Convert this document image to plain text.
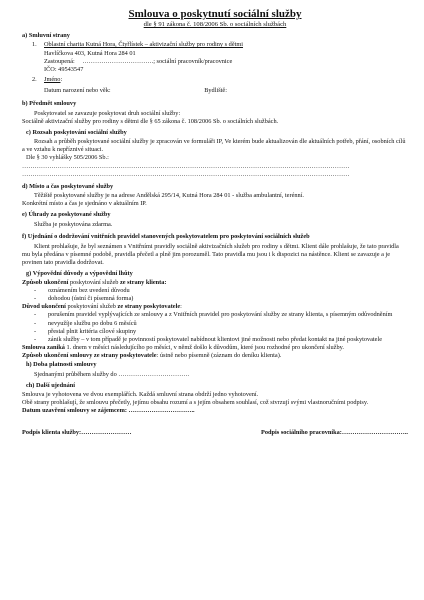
Smlouva o poskytnutí sociální služby

dle § 91 zákona č. 108/2006 Sb. o sociálních službách

a) Smluvní strany
1.	Oblastní charita Kutná Hora, Čtyřlístek – aktivizační služby pro rodiny s dětmi
Havlíčkova 403, Kutná Hora 284 01
Zastoupená: …………………………….; sociální pracovník/pracovnice
IČO: 49543547
2.	Jméno :
Datum narození nebo věk:	Bydliště:
b) Předmět smlouvy
Poskytovatel se zavazuje poskytovat druh sociální služby:
Sociálně aktivizační služby pro rodiny s dětmi dle § 65 zákona č. 108/2006 Sb. o sociálních službách.
c) Rozsah poskytování sociální služby
Rozsah a průběh poskytované sociální služby je zpracován ve formuláři IP, Ve kterém bude aktualizován dle aktuálních potřeb, přání, osobních cílů a ve vztahu k nepříznivé situaci.
Dle § 30 vyhlášky 505/2006 Sb.:
…………………………………………………………………………………………………………………………………………
…………………………………………………………………………………………………………………………………………
d) Místo a čas poskytované služby
Těžiště poskytované služby je na adrese Andělská 295/14, Kutná Hora 284 01 - služba ambulantní, terénní.
Konkrétní místo a čas je sjednáno v aktuálním IP.
e) Úhrady za poskytované služby
Služba je poskytována zdarma.
f) Ujednání o dodržování vnitřních pravidel stanovených poskytovatelem pro poskytování sociálních služeb
Klient prohlašuje, že byl seznámen s Vnitřními pravidly sociálně aktivizačních služeb pro rodiny s dětmi. Klient dále prohlašuje, že tato pravidla mu byla předána v písemné podobě, pravidla přečetl a plně jim porozuměl. Tato pravidla mu jsou i k dispozici na nástěnce. Klient se zavazuje a je povinen tato pravidla dodržovat.
g) Výpovědní důvody a výpovědní lhůty
Způsob ukončení poskytování služeb ze strany klienta:
-	oznámením bez uvedení důvodu
-	dohodou (ústní či písemná forma)
Důvod ukončení poskytování služeb ze strany poskytovatele:
-	porušením pravidel vyplývajících ze smlouvy a z Vnitřních pravidel pro poskytování služby ze strany klienta, s písemným odůvodněním
-	nevyužíje službu po dobu 6 měsíců
-	přestal plnit kritéria cílové skupiny
-	zánik služby – v tom případě je povinností poskytovatel nabídnout klientovi jiné možnosti nebo předat kontakt na jiné poskytovatele
Smlouva zaniká 1. dnem v měsíci následujícího po měsíci, v němž došlo k důvodům, které jsou rozhodné pro ukončení služby.
Způsob ukončení smlouvy ze strany poskytovatele: ústně nebo písemně (záznam do deníku klienta).
h) Doba platnosti smlouvy
Sjednanými průběhem služby do …………………………….
ch) Další ujednání
Smlouva je vyhotovena ve dvou exemplářích. Každá smluvní strana obdrží jedno vyhotovení.
Obě strany prohlašují, že smlouvu přečetly, jejímu obsahu rozumí a s jejím obsahem souhlasí, což stvrzují svými vlastnoručními podpisy.
Datum uzavření smlouvy se zájemcem: …………………………..
Podpis klienta služby:……………………	Podpis sociálního pracovníka:…………………………..
